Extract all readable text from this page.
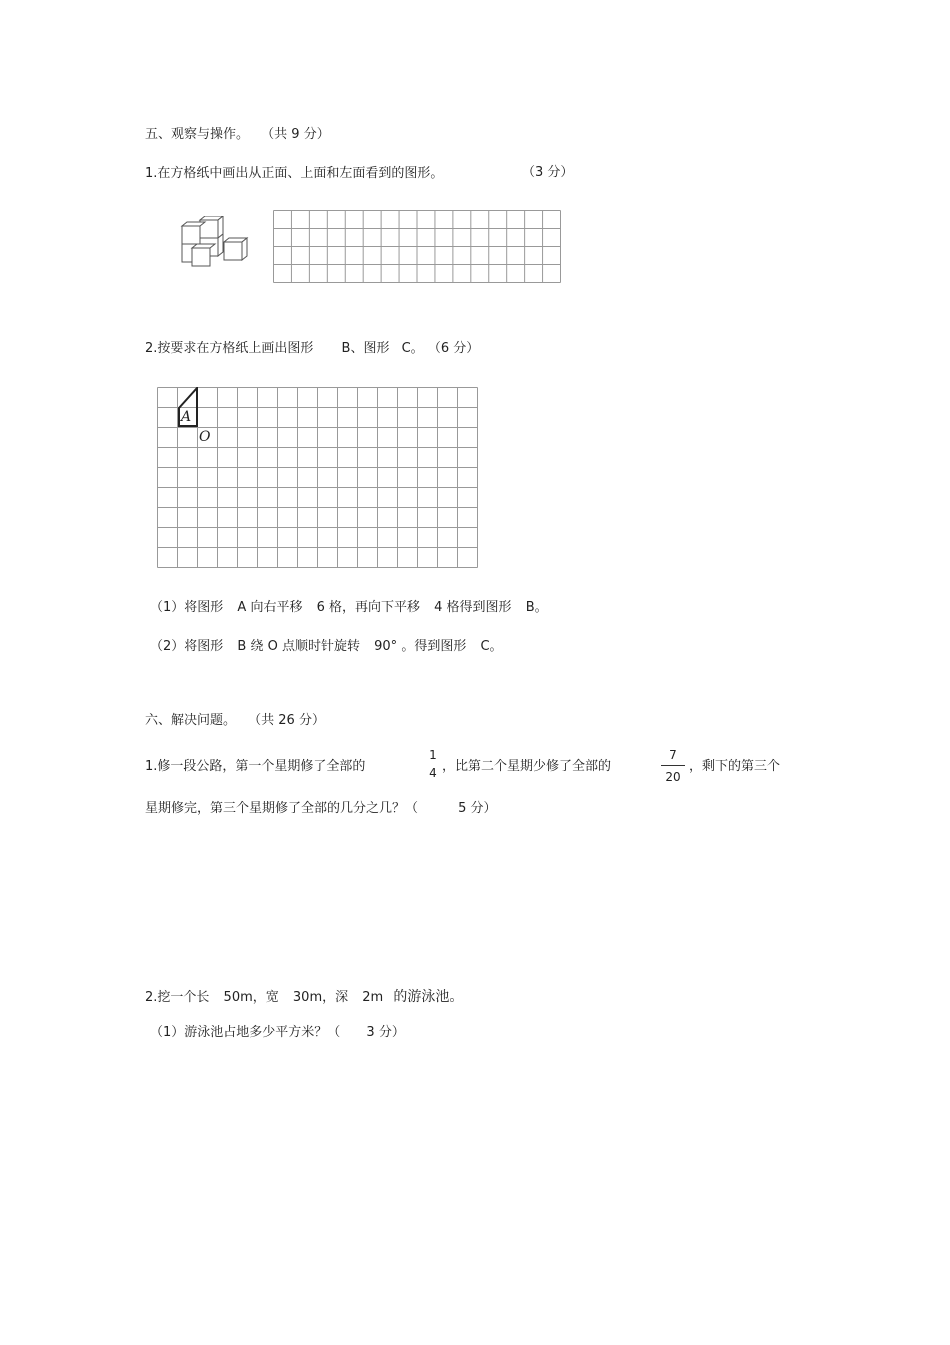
五、观察与操作。 （共 9 分）
1.在方格纸中画出从正面、上面和左面看到的图形。	（3 分）
2.按要求在方格纸上画出图形 B、图形 C。 （6 分）
A
O
（1）将图形 A 向右平移 6 格，再向下平移 4 格得到图形 B。
（2）将图形 B 绕 O 点顺时针旋转 90° 。得到图形 C。
六、解决问题。 （共 26 分）
1.修一段公路，第一个星期修了全部的
1
4 ，比第二个星期少修了全部的
7
20
，剩下的第三个
星期修完，第三个星期修了全部的几分之几？（	5 分）
2.挖一个长 50m，宽 30m，深 2m 的游泳池。
（1）游泳池占地多少平方米？（ 3 分）
